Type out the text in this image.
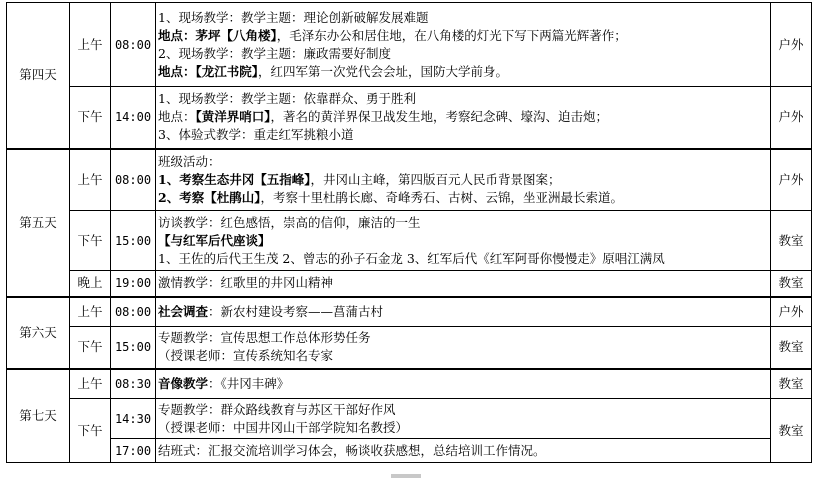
第四天	上午	08:00	1、现场教学：教学主题：理论创新破解发展难题
地点：茅坪【八角楼】，毛泽东办公和居住地，在八角楼的灯光下写下两篇光辉著作；
2、现场教学：教学主题：廉政需要好制度
地点：【龙江书院】，红四军第一次党代会会址，国防大学前身。	户外
	下午	14:00	1、现场教学：教学主题：依靠群众、勇于胜利
地点：【黄洋界哨口】，著名的黄洋界保卫战发生地，考察纪念碑、壕沟、迫击炮；
3、体验式教学：重走红军挑粮小道	户外
第五天	上午	08:00	班级活动：
1、考察生态井冈【五指峰】，井冈山主峰，第四版百元人民币背景图案；
2、考察【杜鹃山】，考察十里杜鹃长廊、奇峰秀石、古树、云锦，坐亚洲最长索道。	户外
	下午	15:00	访谈教学：红色感悟，崇高的信仰，廉洁的一生
【与红军后代座谈】
1、王佐的后代王生茂 2、曾志的孙子石金龙 3、红军后代《红军阿哥你慢慢走》原唱江满凤	教室
	晚上	19:00	激情教学：红歌里的井冈山精神	教室
第六天	上午	08:00	社会调查：新农村建设考察——菖蒲古村	户外
	下午	15:00	专题教学：宣传思想工作总体形势任务
（授课老师：宣传系统知名专家	教室
第七天	上午	08:30	音像教学：《井冈丰碑》	教室
	下午	14:30	专题教学：群众路线教育与苏区干部好作风
（授课老师：中国井冈山干部学院知名教授）	教室
		17:00	结班式：汇报交流培训学习体会，畅谈收获感想，总结培训工作情况。	
